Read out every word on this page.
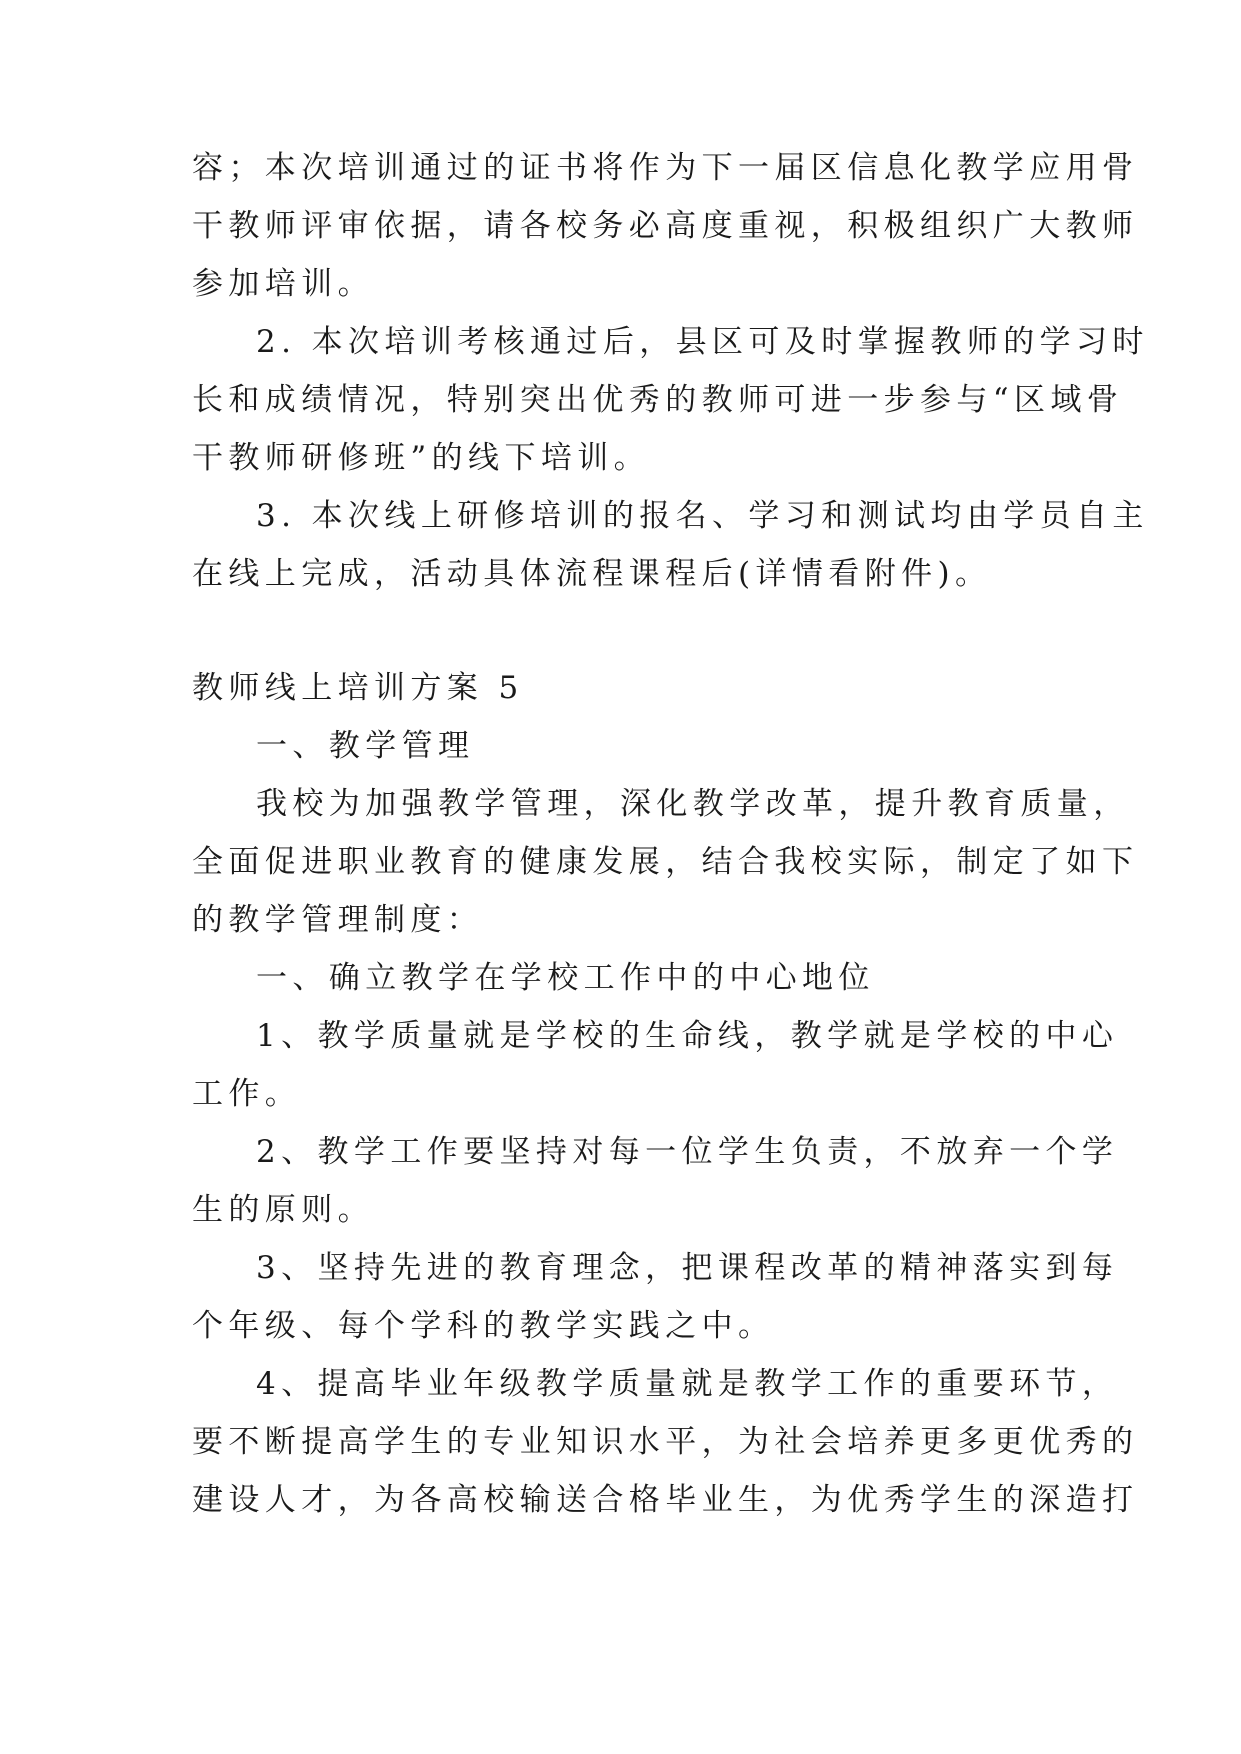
容；本次培训通过的证书将作为下一届区信息化教学应用骨
干教师评审依据，请各校务必高度重视，积极组织广大教师
参加培训。
2. 本次培训考核通过后，县区可及时掌握教师的学习时
长和成绩情况，特别突出优秀的教师可进一步参与“区域骨
干教师研修班”的线下培训。
3. 本次线上研修培训的报名、学习和测试均由学员自主
在线上完成，活动具体流程课程后(详情看附件)。
教师线上培训方案 5
一、教学管理
我校为加强教学管理，深化教学改革，提升教育质量，
全面促进职业教育的健康发展，结合我校实际，制定了如下
的教学管理制度：
一、确立教学在学校工作中的中心地位
1、教学质量就是学校的生命线，教学就是学校的中心
工作。
2、教学工作要坚持对每一位学生负责，不放弃一个学
生的原则。
3、坚持先进的教育理念，把课程改革的精神落实到每
个年级、每个学科的教学实践之中。
4、提高毕业年级教学质量就是教学工作的重要环节，
要不断提高学生的专业知识水平，为社会培养更多更优秀的
建设人才，为各高校输送合格毕业生，为优秀学生的深造打
